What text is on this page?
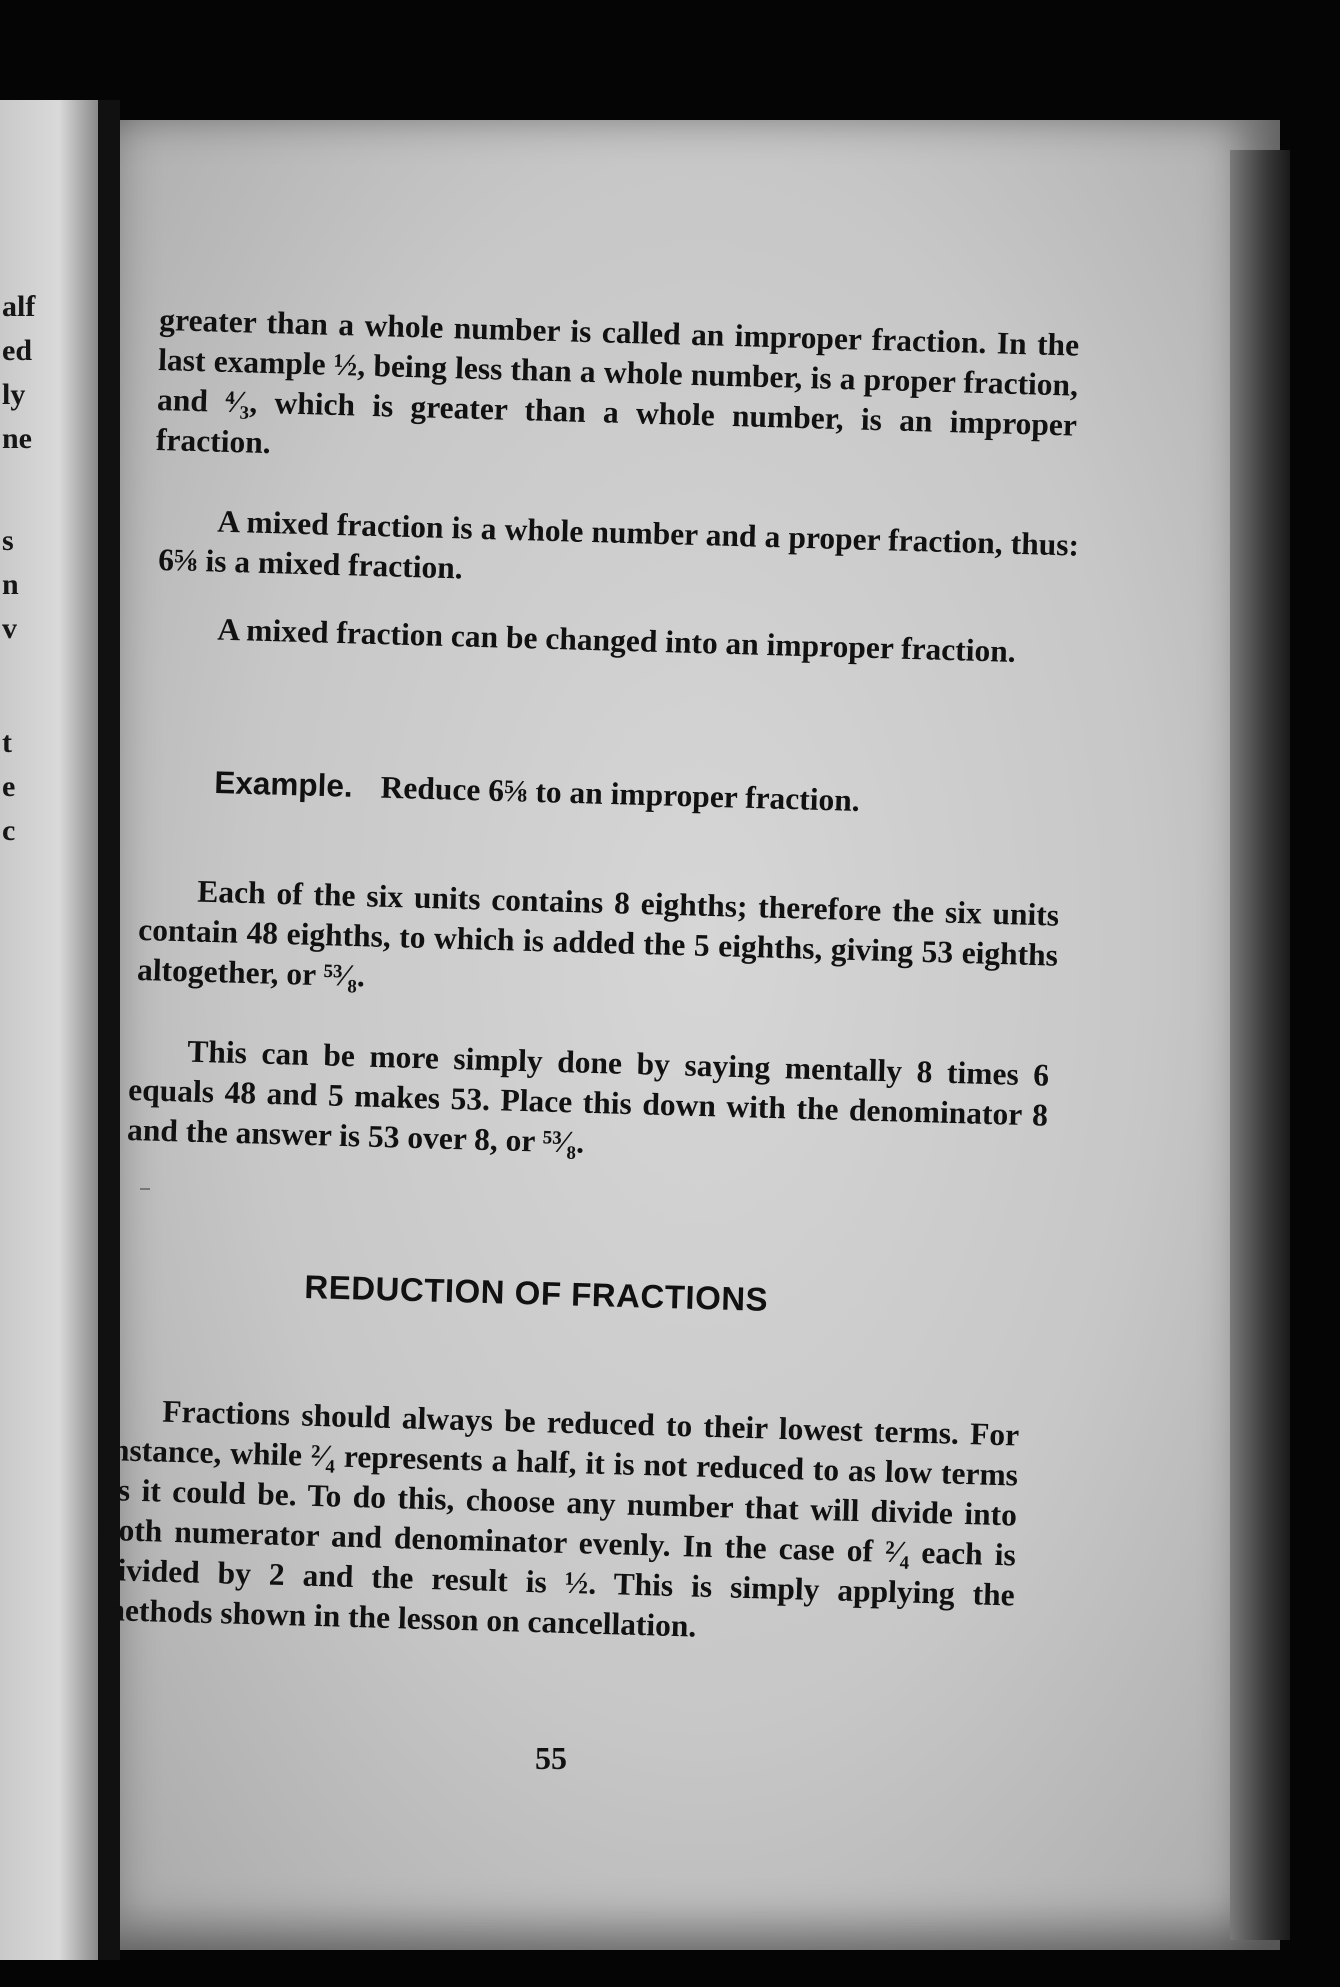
alf
ed
ly
ne
s
n
v
t
e
c

greater than a whole number is called an improper fraction. In the last example ½, being less than a whole number, is a proper fraction, and ⁴⁄₃, which is greater than a whole number, is an improper fraction.

A mixed fraction is a whole number and a proper fraction, thus: 6⅝ is a mixed fraction.

A mixed fraction can be changed into an improper fraction.

Example. Reduce 6⅝ to an improper fraction.

Each of the six units contains 8 eighths; therefore the six units contain 48 eighths, to which is added the 5 eighths, giving 53 eighths altogether, or ⁵³⁄₈.

This can be more simply done by saying mentally 8 times 6 equals 48 and 5 makes 53. Place this down with the denominator 8 and the answer is 53 over 8, or ⁵³⁄₈.

REDUCTION OF FRACTIONS

Fractions should always be reduced to their lowest terms. For instance, while ²⁄₄ represents a half, it is not reduced to as low terms as it could be. To do this, choose any number that will divide into both numerator and denominator evenly. In the case of ²⁄₄ each is divided by 2 and the result is ½. This is simply applying the methods shown in the lesson on cancellation.

55
